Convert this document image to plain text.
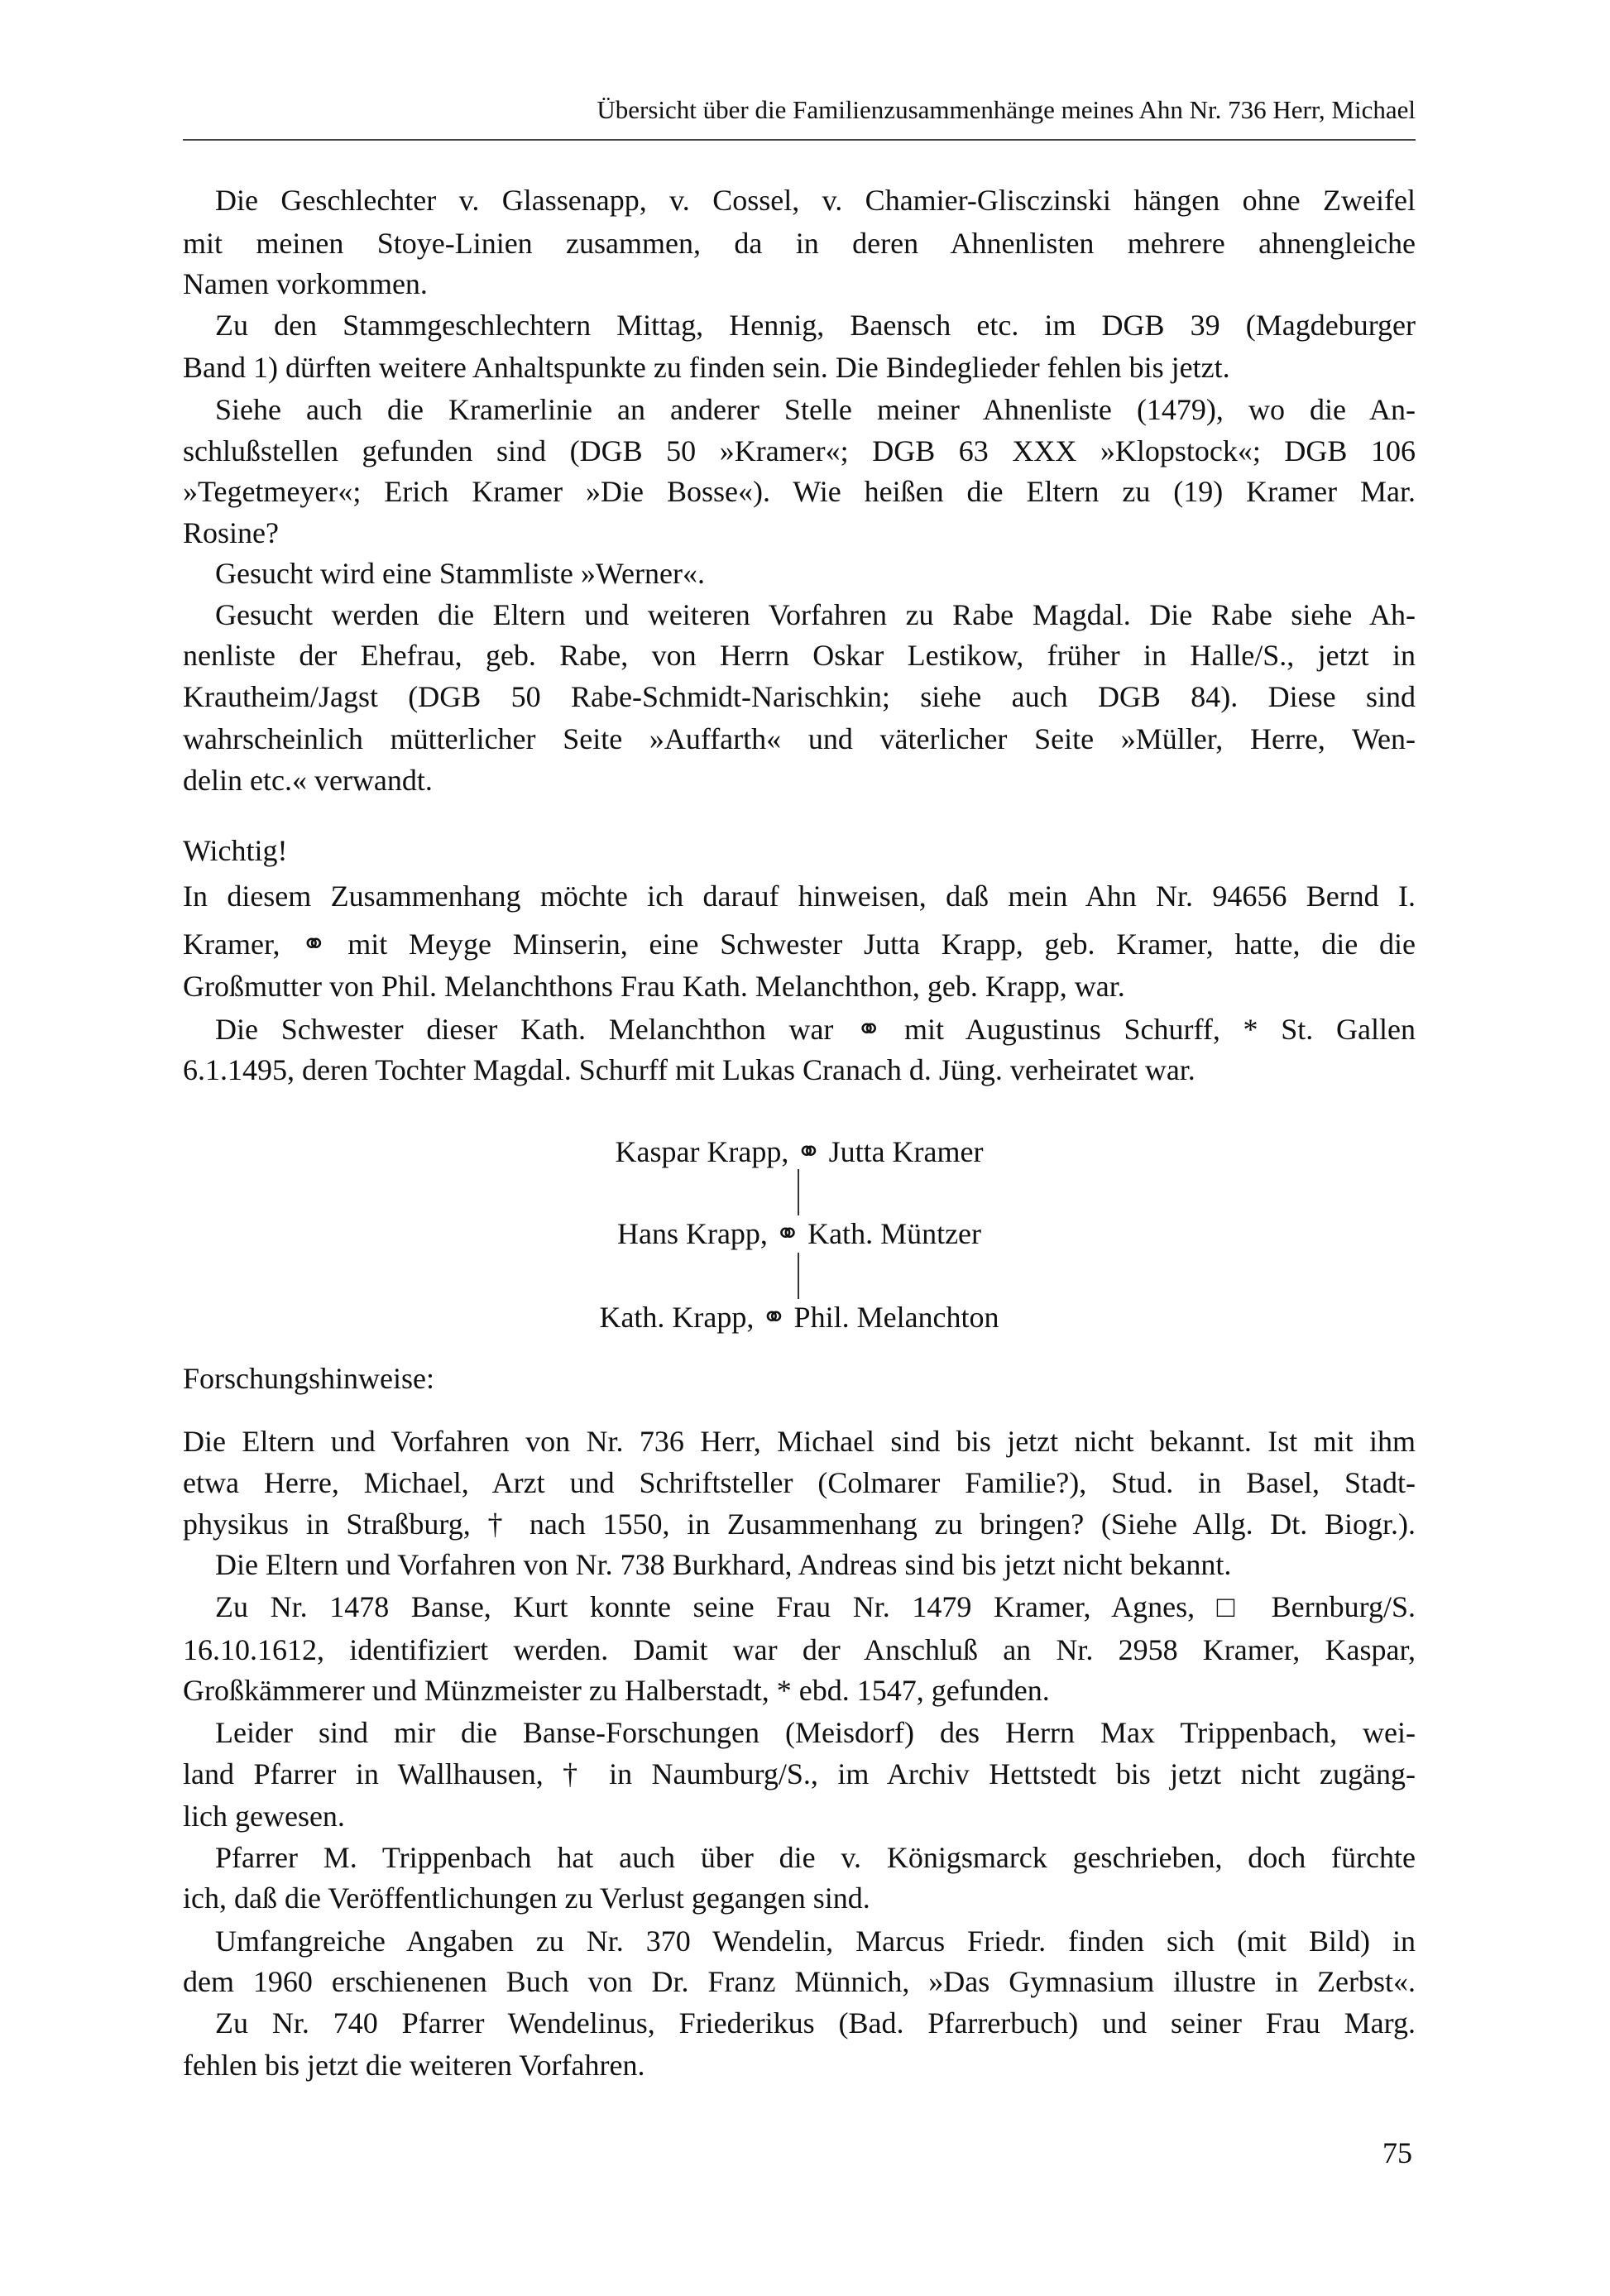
Übersicht über die Familienzusammenhänge meines Ahn Nr. 736 Herr, Michael
Die Geschlechter v. Glassenapp, v. Cossel, v. Chamier-Glisczinski hängen ohne Zweifel
mit meinen Stoye-Linien zusammen, da in deren Ahnenlisten mehrere ahnengleiche
Namen vorkommen.
Zu den Stammgeschlechtern Mittag, Hennig, Baensch etc. im DGB 39 (Magdeburger
Band 1) dürften weitere Anhaltspunkte zu finden sein. Die Bindeglieder fehlen bis jetzt.
Siehe auch die Kramerlinie an anderer Stelle meiner Ahnenliste (1479), wo die An-
schlußstellen gefunden sind (DGB 50 »Kramer«; DGB 63 XXX »Klopstock«; DGB 106
»Tegetmeyer«; Erich Kramer »Die Bosse«). Wie heißen die Eltern zu (19) Kramer Mar.
Rosine?
Gesucht wird eine Stammliste »Werner«.
Gesucht werden die Eltern und weiteren Vorfahren zu Rabe Magdal. Die Rabe siehe Ah-
nenliste der Ehefrau, geb. Rabe, von Herrn Oskar Lestikow, früher in Halle/S., jetzt in
Krautheim/Jagst (DGB 50 Rabe-Schmidt-Narischkin; siehe auch DGB 84). Diese sind
wahrscheinlich mütterlicher Seite »Auffarth« und väterlicher Seite »Müller, Herre, Wen-
delin etc.« verwandt.
Wichtig!
In diesem Zusammenhang möchte ich darauf hinweisen, daß mein Ahn Nr. 94656 Bernd I.
Kramer, ⚭ mit Meyge Minserin, eine Schwester Jutta Krapp, geb. Kramer, hatte, die die
Großmutter von Phil. Melanchthons Frau Kath. Melanchthon, geb. Krapp, war.
Die Schwester dieser Kath. Melanchthon war ⚭ mit Augustinus Schurff, * St. Gallen
6.1.1495, deren Tochter Magdal. Schurff mit Lukas Cranach d. Jüng. verheiratet war.
Kaspar Krapp, ⚭ Jutta Kramer
Hans Krapp, ⚭ Kath. Müntzer
Kath. Krapp, ⚭ Phil. Melanchton
Forschungshinweise:
Die Eltern und Vorfahren von Nr. 736 Herr, Michael sind bis jetzt nicht bekannt. Ist mit ihm
etwa Herre, Michael, Arzt und Schriftsteller (Colmarer Familie?), Stud. in Basel, Stadt-
physikus in Straßburg, † nach 1550, in Zusammenhang zu bringen? (Siehe Allg. Dt. Biogr.).
Die Eltern und Vorfahren von Nr. 738 Burkhard, Andreas sind bis jetzt nicht bekannt.
Zu Nr. 1478 Banse, Kurt konnte seine Frau Nr. 1479 Kramer, Agnes, □ Bernburg/S.
16.10.1612, identifiziert werden. Damit war der Anschluß an Nr. 2958 Kramer, Kaspar,
Großkämmerer und Münzmeister zu Halberstadt, * ebd. 1547, gefunden.
Leider sind mir die Banse-Forschungen (Meisdorf) des Herrn Max Trippenbach, wei-
land Pfarrer in Wallhausen, † in Naumburg/S., im Archiv Hettstedt bis jetzt nicht zugäng-
lich gewesen.
Pfarrer M. Trippenbach hat auch über die v. Königsmarck geschrieben, doch fürchte
ich, daß die Veröffentlichungen zu Verlust gegangen sind.
Umfangreiche Angaben zu Nr. 370 Wendelin, Marcus Friedr. finden sich (mit Bild) in
dem 1960 erschienenen Buch von Dr. Franz Münnich, »Das Gymnasium illustre in Zerbst«.
Zu Nr. 740 Pfarrer Wendelinus, Friederikus (Bad. Pfarrerbuch) und seiner Frau Marg.
fehlen bis jetzt die weiteren Vorfahren.
75
